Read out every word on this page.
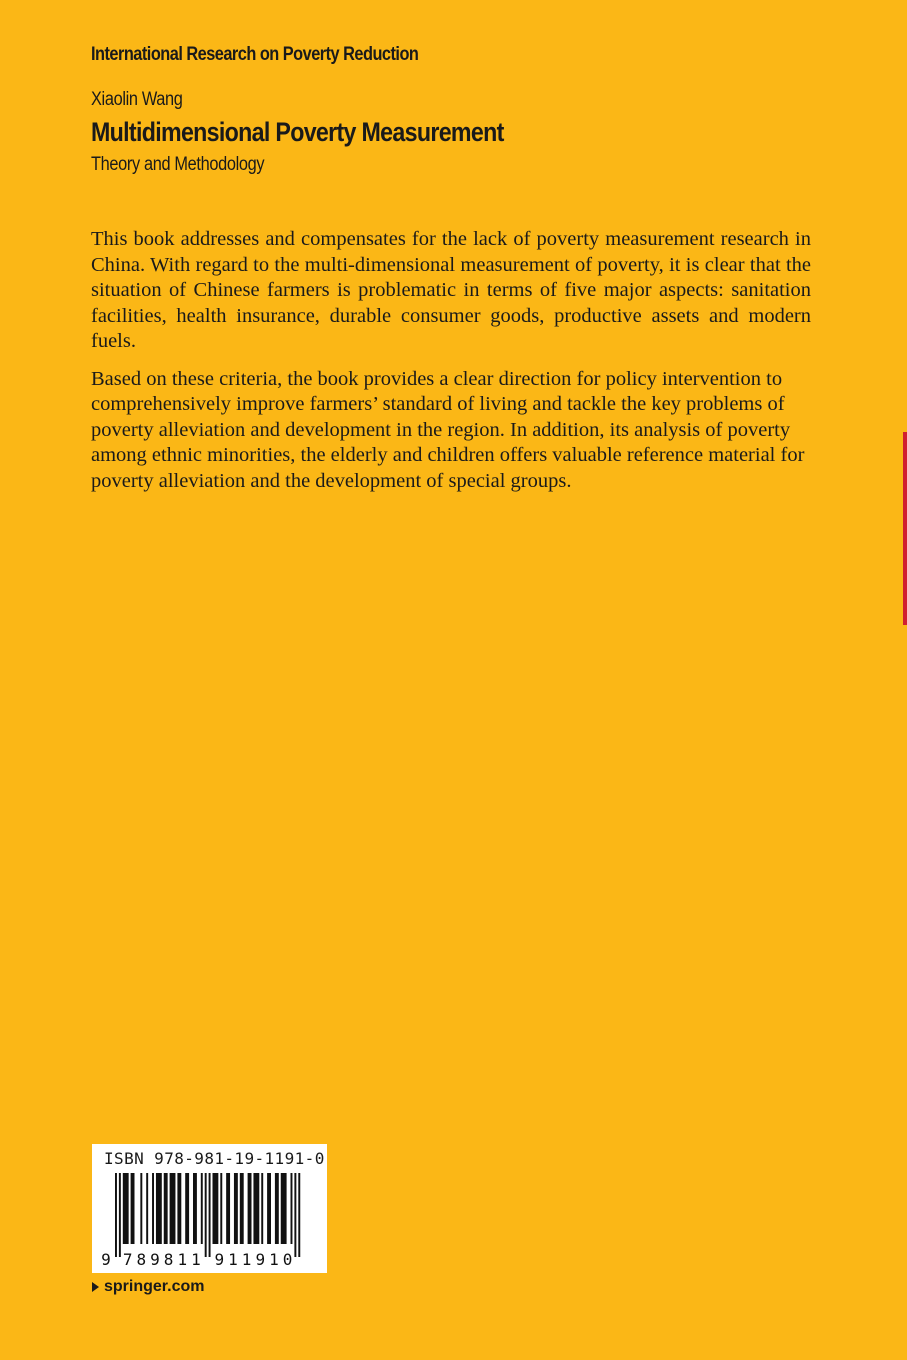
International Research on Poverty Reduction
Xiaolin Wang
Multidimensional Poverty Measurement
Theory and Methodology

This book addresses and compensates for the lack of poverty measurement research in China. With regard to the multi-dimensional measurement of poverty, it is clear that the situation of Chinese farmers is problematic in terms of five major aspects: sanitation facilities, health insurance, durable consumer goods, productive assets and modern fuels.

Based on these criteria, the book provides a clear direction for policy intervention to comprehensively improve farmers’ standard of living and tackle the key problems of poverty alleviation and development in the region. In addition, its analysis of poverty among ethnic minorities, the elderly and children offers valuable reference material for poverty alleviation and the development of special groups.

ISBN 978-981-19-1191-0
9 7 8 9 8 1 1 9 1 1 9 1 0
springer.com
